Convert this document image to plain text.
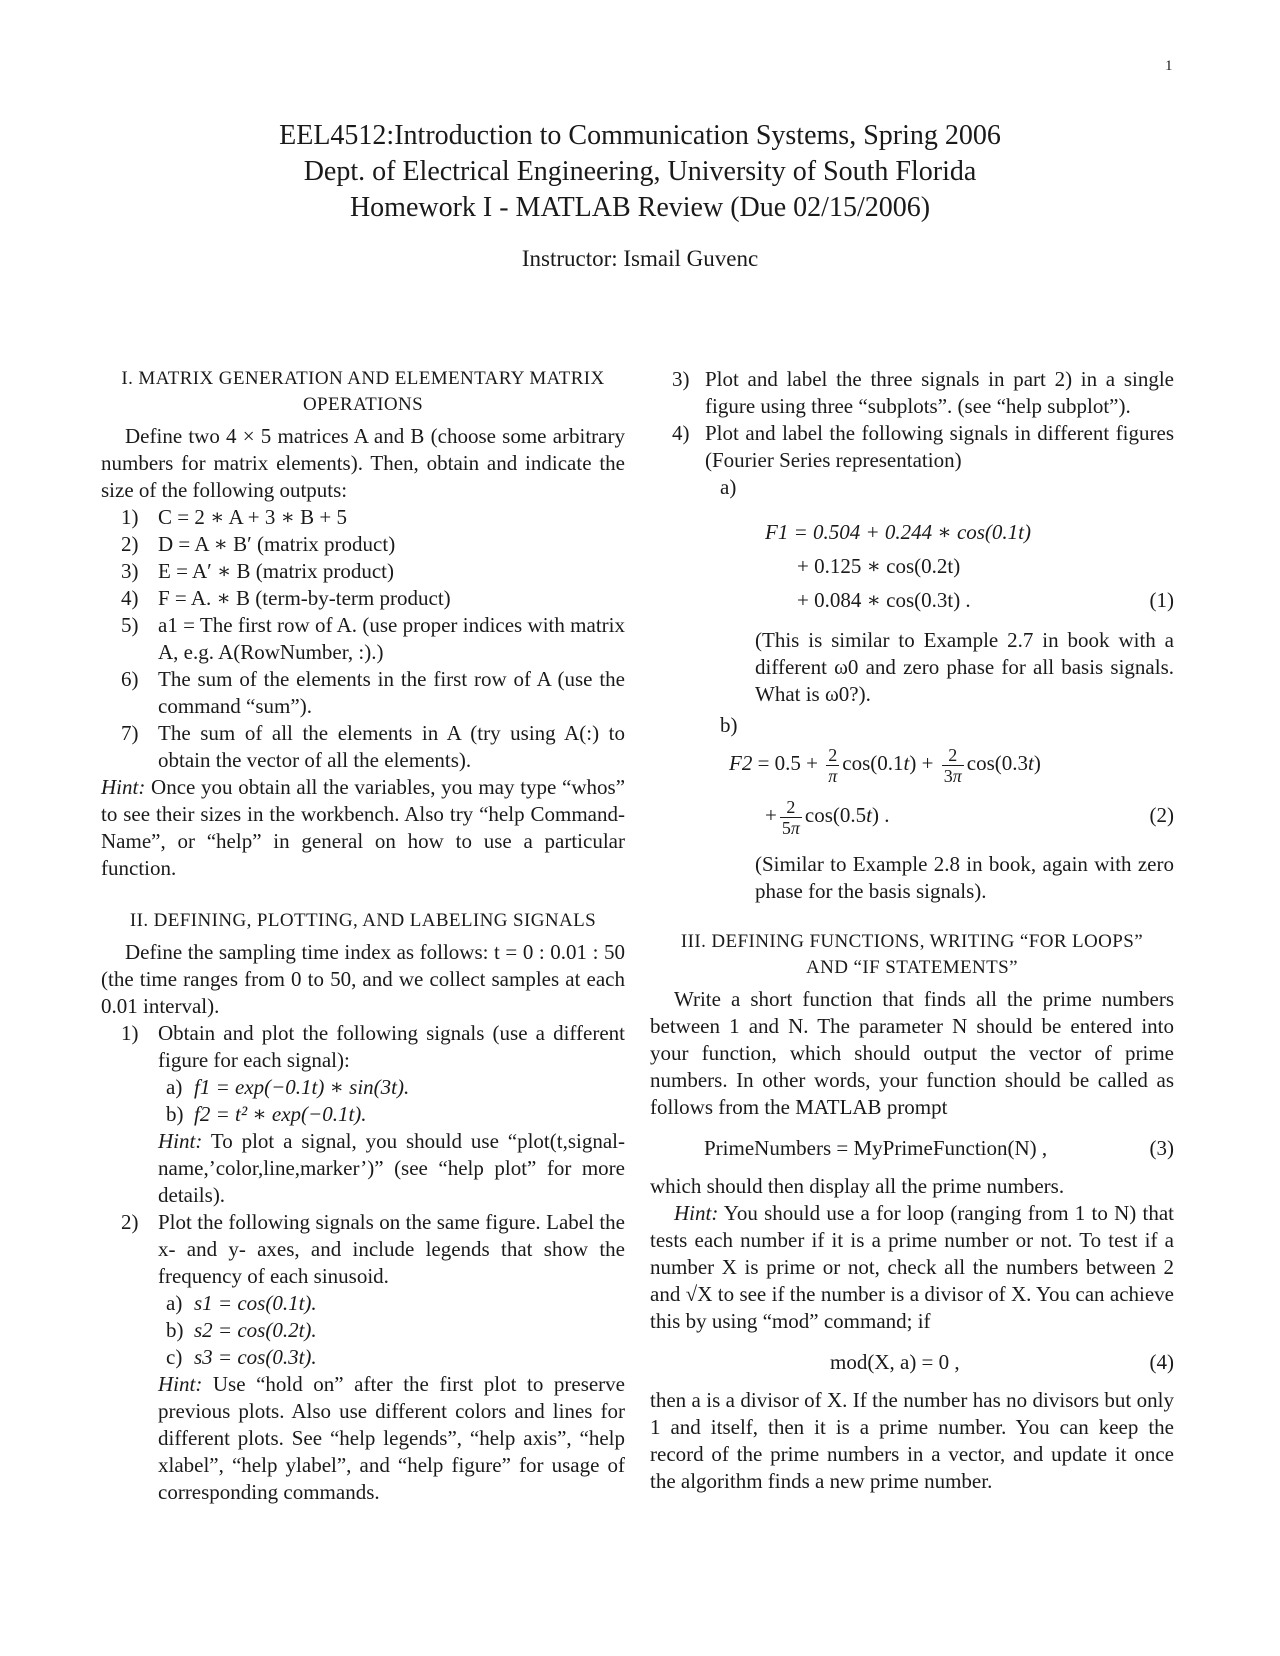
1
EEL4512:Introduction to Communication Systems, Spring 2006
Dept. of Electrical Engineering, University of South Florida
Homework I - MATLAB Review (Due 02/15/2006)
Instructor: Ismail Guvenc
I. MATRIX GENERATION AND ELEMENTARY MATRIX
OPERATIONS

Define two 4 × 5 matrices A and B (choose some arbitrary numbers for matrix elements). Then, obtain and indicate the size of the following outputs:

1) C = 2 ∗ A + 3 ∗ B + 5
2) D = A ∗ B′ (matrix product)
3) E = A′ ∗ B (matrix product)
4) F = A. ∗ B (term-by-term product)
5) a1 = The first row of A. (use proper indices with matrix A, e.g. A(RowNumber, :).)
6) The sum of the elements in the first row of A (use the command “sum”).
7) The sum of all the elements in A (try using A(:) to obtain the vector of all the elements).
Hint: Once you obtain all the variables, you may type “whos” to see their sizes in the workbench. Also try “help Command-Name”, or “help” in general on how to use a particular function.
II. DEFINING, PLOTTING, AND LABELING SIGNALS

Define the sampling time index as follows: t = 0 : 0.01 : 50 (the time ranges from 0 to 50, and we collect samples at each 0.01 interval).

1) Obtain and plot the following signals (use a different figure for each signal):
a) f1 = exp(−0.1t) ∗ sin(3t).
b) f2 = t² ∗ exp(−0.1t).
Hint: To plot a signal, you should use “plot(t,signal-name,’color,line,marker’)” (see “help plot” for more details).
2) Plot the following signals on the same figure. Label the x- and y- axes, and include legends that show the frequency of each sinusoid.
a) s1 = cos(0.1t).
b) s2 = cos(0.2t).
c) s3 = cos(0.3t).
Hint: Use “hold on” after the first plot to preserve previous plots. Also use different colors and lines for different plots. See “help legends”, “help axis”, “help xlabel”, “help ylabel”, and “help figure” for usage of corresponding commands.
3) Plot and label the three signals in part 2) in a single figure using three “subplots”. (see “help subplot”).
4) Plot and label the following signals in different figures (Fourier Series representation)
a)
F1 = 0.504 + 0.244 ∗ cos(0.1t)
+ 0.125 ∗ cos(0.2t)
+ 0.084 ∗ cos(0.3t) .	(1)
(This is similar to Example 2.7 in book with a different ω0 and zero phase for all basis signals. What is ω0?).
b)
$F2 = 0.5 + \frac{2}{\pi} \cos(0.1t) + \frac{2}{3\pi} \cos(0.3t)$
+ $\frac{2}{5\pi} \cos(0.5t)$ .	(2)
(Similar to Example 2.8 in book, again with zero phase for the basis signals).
III. DEFINING FUNCTIONS, WRITING “FOR LOOPS”
AND “IF STATEMENTS”

Write a short function that finds all the prime numbers between 1 and N. The parameter N should be entered into your function, which should output the vector of prime numbers. In other words, your function should be called as follows from the MATLAB prompt

PrimeNumbers = MyPrimeFunction(N) ,	(3)

which should then display all the prime numbers.

Hint: You should use a for loop (ranging from 1 to N) that tests each number if it is a prime number or not. To test if a number X is prime or not, check all the numbers between 2 and √X to see if the number is a divisor of X. You can achieve this by using “mod” command; if
mod(X, a) = 0 ,	(4)

then a is a divisor of X. If the number has no divisors but only 1 and itself, then it is a prime number. You can keep the record of the prime numbers in a vector, and update it once the algorithm finds a new prime number.
